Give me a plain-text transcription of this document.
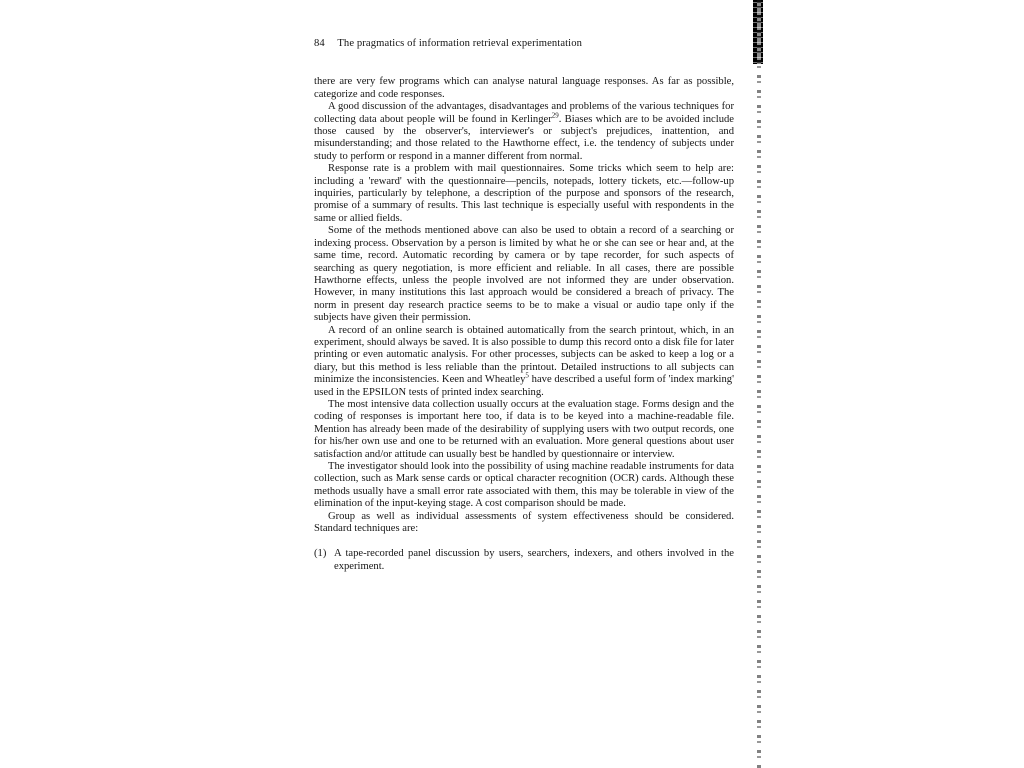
84 The pragmatics of information retrieval experimentation

there are very few programs which can analyse natural language responses. As far as possible, categorize and code responses.

A good discussion of the advantages, disadvantages and problems of the various techniques for collecting data about people will be found in Kerlinger$^{29}$. Biases which are to be avoided include those caused by the observer's, interviewer's or subject's prejudices, inattention, and misunderstanding; and those related to the Hawthorne effect, i.e. the tendency of subjects under study to perform or respond in a manner different from normal.

Response rate is a problem with mail questionnaires. Some tricks which seem to help are: including a 'reward' with the questionnaire—pencils, notepads, lottery tickets, etc.—follow-up inquiries, particularly by telephone, a description of the purpose and sponsors of the research, promise of a summary of results. This last technique is especially useful with respondents in the same or allied fields.

Some of the methods mentioned above can also be used to obtain a record of a searching or indexing process. Observation by a person is limited by what he or she can see or hear and, at the same time, record. Automatic recording by camera or by tape recorder, for such aspects of searching as query negotiation, is more efficient and reliable. In all cases, there are possible Hawthorne effects, unless the people involved are not informed they are under observation. However, in many institutions this last approach would be considered a breach of privacy. The norm in present day research practice seems to be to make a visual or audio tape only if the subjects have given their permission.

A record of an online search is obtained automatically from the search printout, which, in an experiment, should always be saved. It is also possible to dump this record onto a disk file for later printing or even automatic analysis. For other processes, subjects can be asked to keep a log or a diary, but this method is less reliable than the printout. Detailed instructions to all subjects can minimize the inconsistencies. Keen and Wheatley$^5$ have described a useful form of 'index marking' used in the EPSILON tests of printed index searching.

The most intensive data collection usually occurs at the evaluation stage. Forms design and the coding of responses is important here too, if data is to be keyed into a machine-readable file. Mention has already been made of the desirability of supplying users with two output records, one for his/her own use and one to be returned with an evaluation. More general questions about user satisfaction and/or attitude can usually best be handled by questionnaire or interview.

The investigator should look into the possibility of using machine readable instruments for data collection, such as Mark sense cards or optical character recognition (OCR) cards. Although these methods usually have a small error rate associated with them, this may be tolerable in view of the elimination of the input-keying stage. A cost comparison should be made.

Group as well as individual assessments of system effectiveness should be considered. Standard techniques are:

(1) A tape-recorded panel discussion by users, searchers, indexers, and others involved in the experiment.
